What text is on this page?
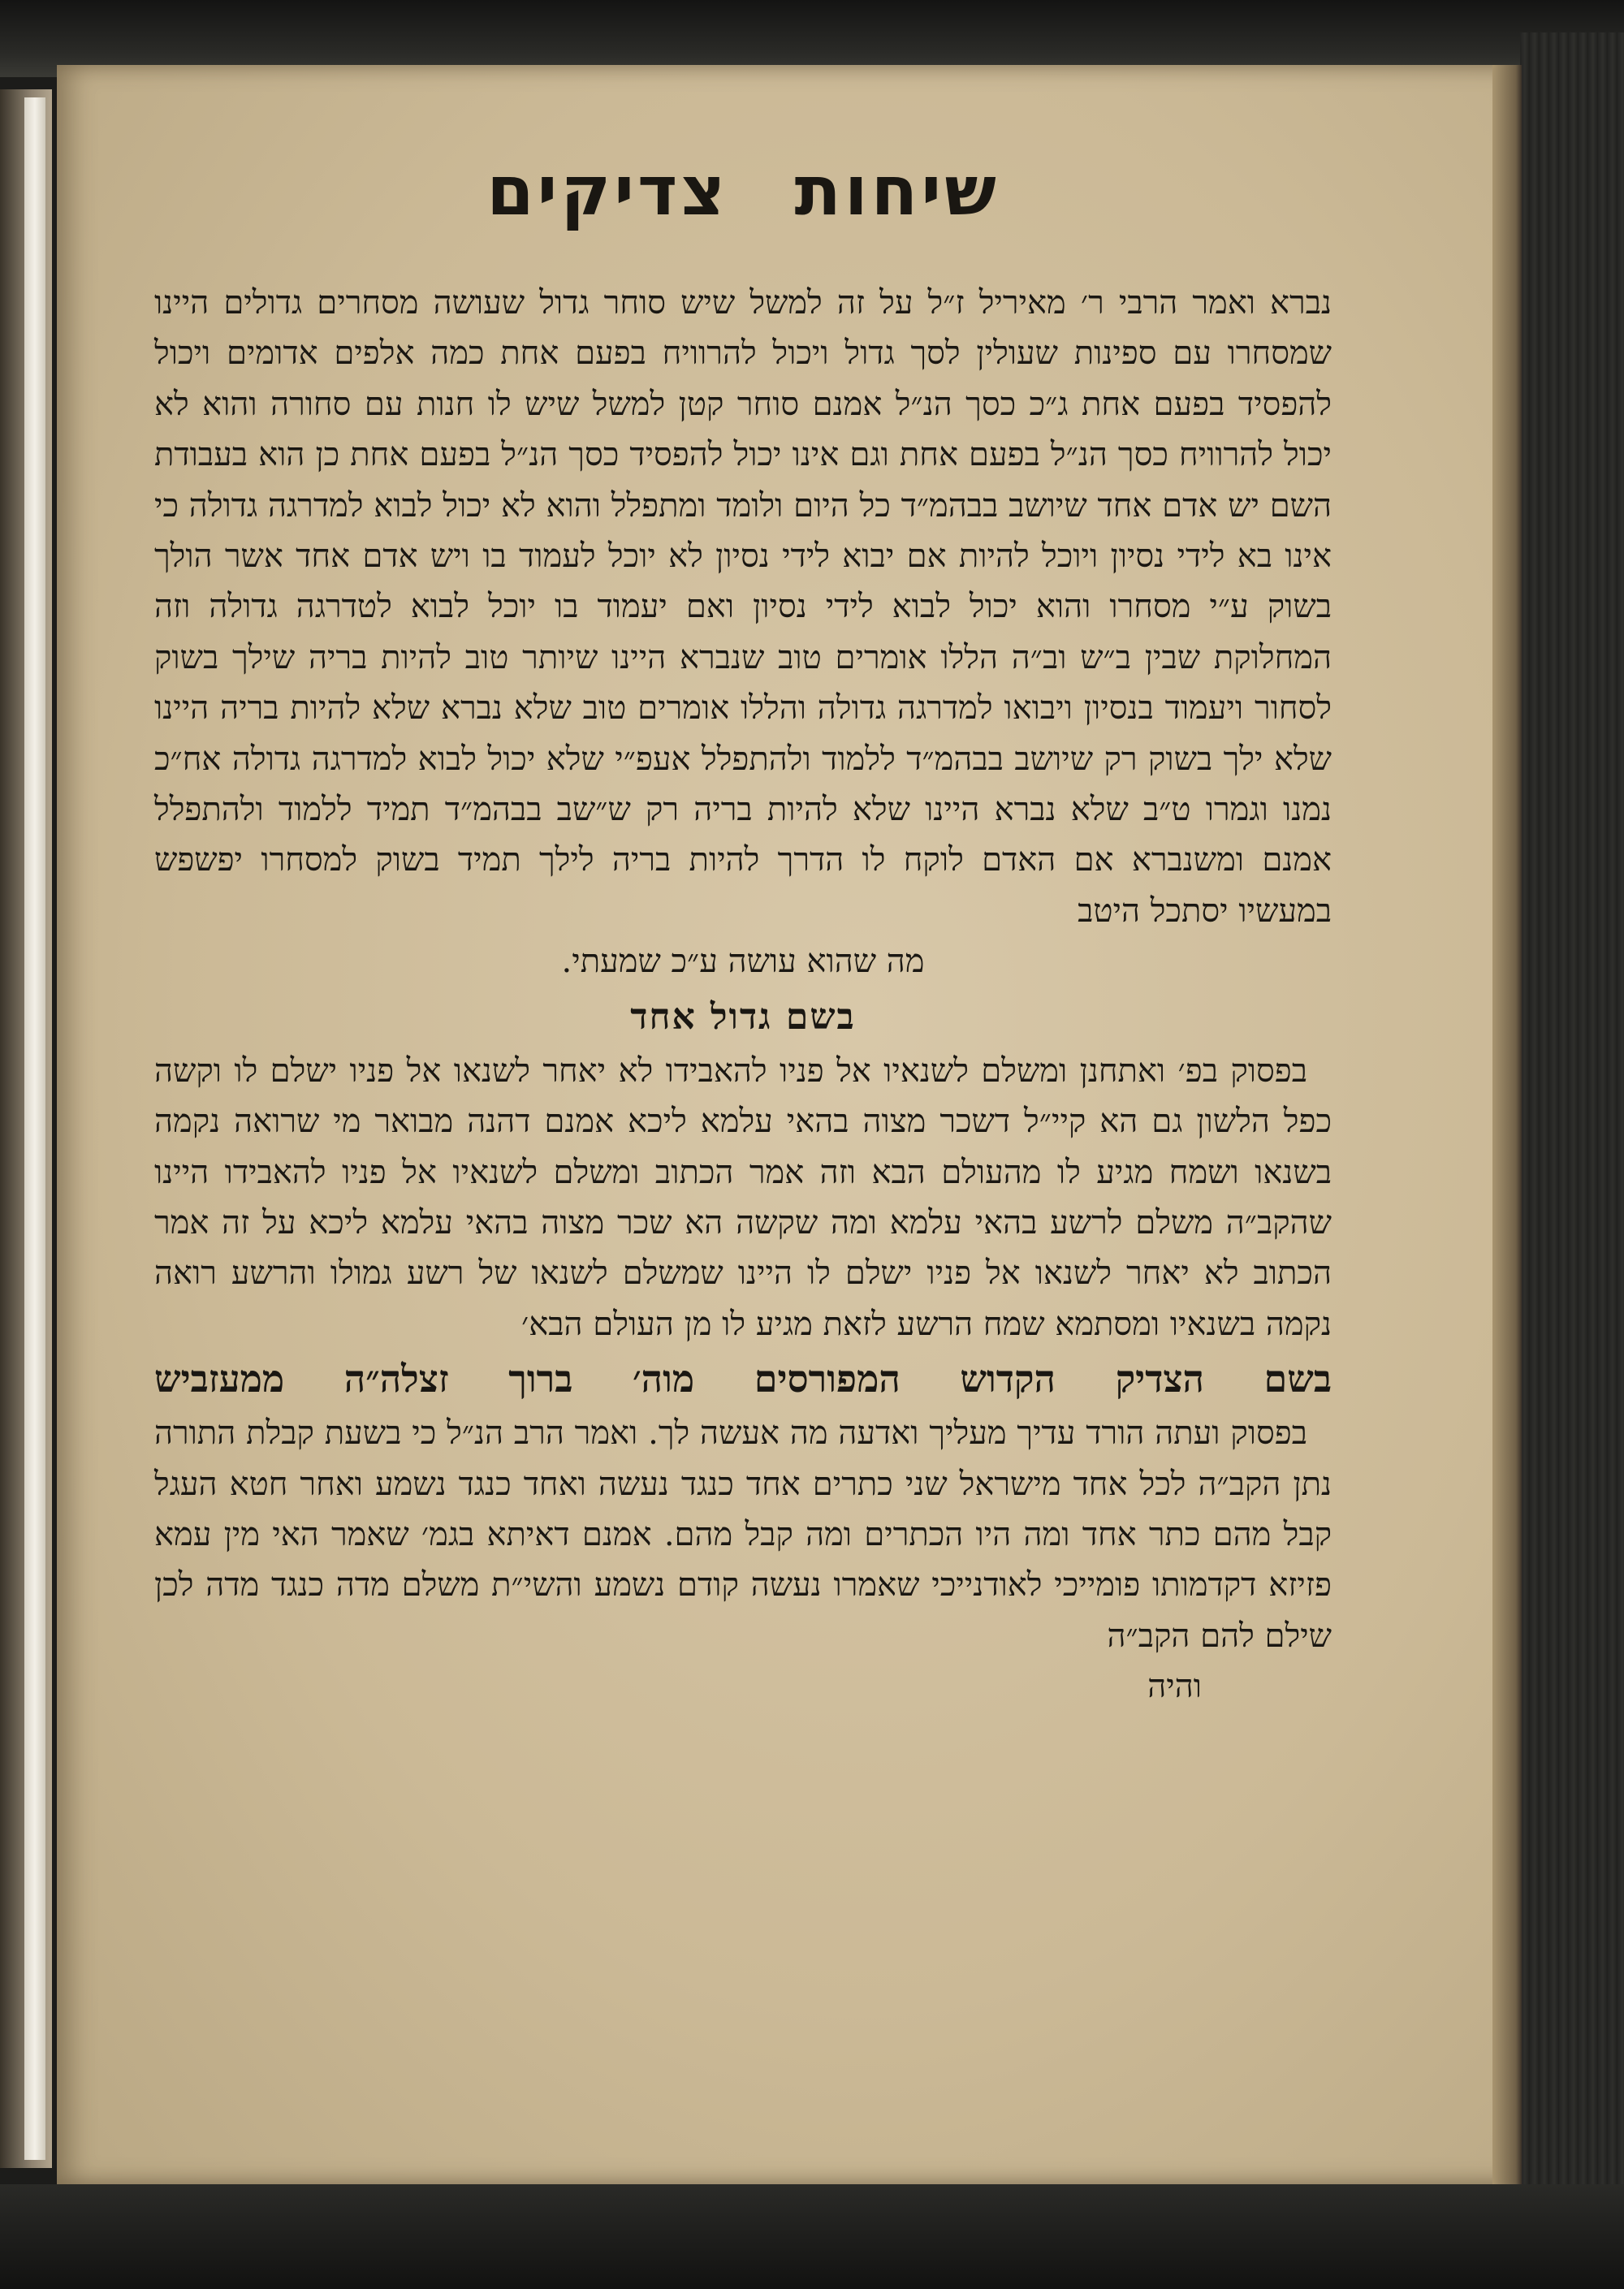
שיחות צדיקים

נברא ואמר הרבי ר׳ מאיריל ז״ל על זה למשל שיש סוחר גדול שעושה מסחרים גדולים היינו שמסחרו עם ספינות שעולין לסך גדול ויכול להרוויח בפעם אחת כמה אלפים אדומים ויכול להפסיד בפעם אחת ג״כ כסך הנ״ל אמנם סוחר קטן למשל שיש לו חנות עם סחורה והוא לא יכול להרוויח כסך הנ״ל בפעם אחת וגם אינו יכול להפסיד כסך הנ״ל בפעם אחת כן הוא בעבודת השם יש אדם אחד שיושב בבהמ״ד כל היום ולומד ומתפלל והוא לא יכול לבוא למדרגה גדולה כי אינו בא לידי נסיון ויוכל להיות אם יבוא לידי נסיון לא יוכל לעמוד בו ויש אדם אחד אשר הולך בשוק ע״י מסחרו והוא יכול לבוא לידי נסיון ואם יעמוד בו יוכל לבוא לטדרגה גדולה וזה המחלוקת שבין ב״ש וב״ה הללו אומרים טוב שנברא היינו שיותר טוב להיות בריה שילך בשוק לסחור ויעמוד בנסיון ויבואו למדרגה גדולה והללו אומרים טוב שלא נברא שלא להיות בריה היינו שלא ילך בשוק רק שיושב בבהמ״ד ללמוד ולהתפלל אעפ״י שלא יכול לבוא למדרגה גדולה אח״כ נמנו וגמרו ט״ב שלא נברא היינו שלא להיות בריה רק ש״שב בבהמ״ד תמיד ללמוד ולהתפלל אמנם ומשנברא אם האדם לוקח לו הדרך להיות בריה לילך תמיד בשוק למסחרו יפשפש במעשיו יסתכל היטב

מה שהוא עושה ע״כ שמעתי.

בשם גדול אחד

בפסוק בפ׳ ואתחנן ומשלם לשנאיו אל פניו להאבידו לא יאחר לשנאו אל פניו ישלם לו וקשה כפל הלשון גם הא קיי״ל דשכר מצוה בהאי עלמא ליכא אמנם דהנה מבואר מי שרואה נקמה בשנאו ושמח מגיע לו מהעולם הבא וזה אמר הכתוב ומשלם לשנאיו אל פניו להאבידו היינו שהקב״ה משלם לרשע בהאי עלמא ומה שקשה הא שכר מצוה בהאי עלמא ליכא על זה אמר הכתוב לא יאחר לשנאו אל פניו ישלם לו היינו שמשלם לשנאו של רשע גמולו והרשע רואה נקמה בשנאיו ומסתמא שמח הרשע לזאת מגיע לו מן העולם הבא׳

בשם הצדיק הקדוש המפורסים מוה׳ ברוך זצלה״ה ממעזביש

בפסוק ועתה הורד עדיך מעליך ואדעה מה אעשה לך. ואמר הרב הנ״ל כי בשעת קבלת התורה נתן הקב״ה לכל אחד מישראל שני כתרים אחד כנגד נעשה ואחד כנגד נשמע ואחר חטא העגל קבל מהם כתר אחד ומה היו הכתרים ומה קבל מהם. אמנם דאיתא בגמ׳ שאמר האי מין עמא פזיזא דקדמותו פומייכי לאודנייכי שאמרו נעשה קודם נשמע והשי״ת משלם מדה כנגד מדה לכן שילם להם הקב״ה

והיה
